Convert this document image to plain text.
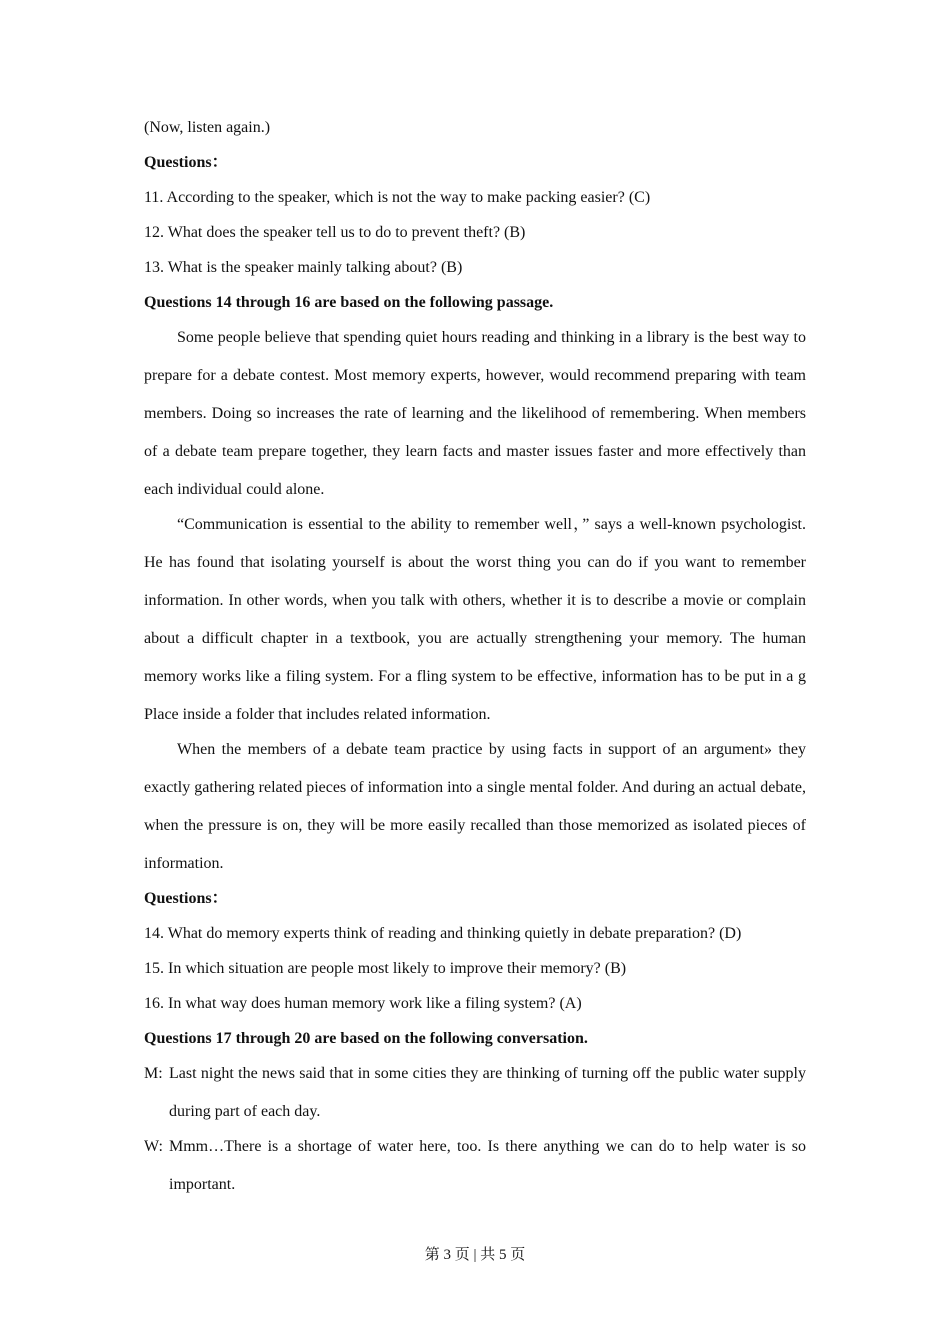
(Now, listen again.)
Questions：
11. According to the speaker, which is not the way to make packing easier? (C)
12. What does the speaker tell us to do to prevent theft? (B)
13. What is the speaker mainly talking about? (B)
Questions 14 through 16 are based on the following passage.
Some people believe that spending quiet hours reading and thinking in a library is the best way to prepare for a debate contest. Most memory experts, however, would recommend preparing with team members. Doing so increases the rate of learning and the likelihood of remembering. When members of a debate team prepare together, they learn facts and master issues faster and more effectively than each individual could alone.
“Communication is essential to the ability to remember well，” says a well-known psychologist. He has found that isolating yourself is about the worst thing you can do if you want to remember information. In other words, when you talk with others, whether it is to describe a movie or complain about a difficult chapter in a textbook, you are actually strengthening your memory. The human memory works like a filing system. For a fling system to be effective, information has to be put in a g Place inside a folder that includes related information.
When the members of a debate team practice by using facts in support of an argument» they exactly gathering related pieces of information into a single mental folder. And during an actual debate, when the pressure is on, they will be more easily recalled than those memorized as isolated pieces of information.
Questions：
14. What do memory experts think of reading and thinking quietly in debate preparation? (D)
15. In which situation are people most likely to improve their memory? (B)
16. In what way does human memory work like a filing system? (A)
Questions 17 through 20 are based on the following conversation.
M: Last night the news said that in some cities they are thinking of turning off the public water supply during part of each day.
W: Mmm…There is a shortage of water here, too. Is there anything we can do to help water is so important.
第 3 页 | 共 5 页
